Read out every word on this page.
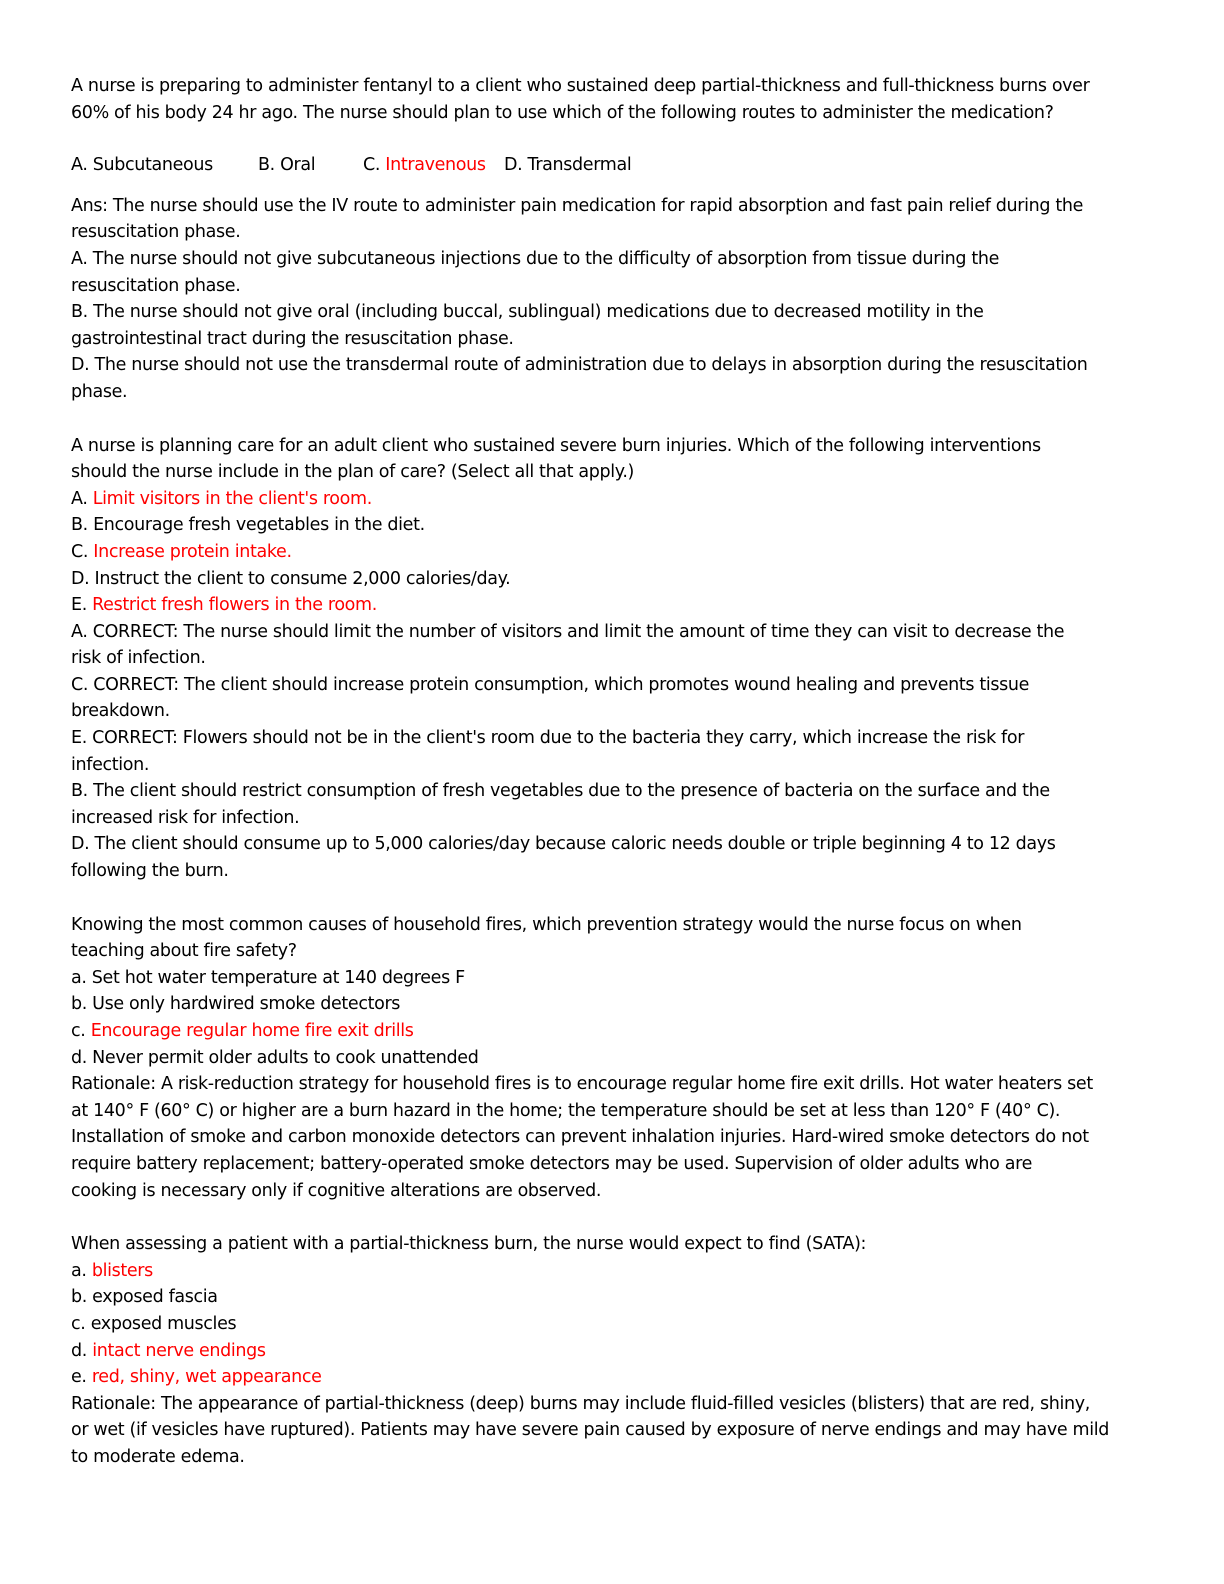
A nurse is preparing to administer fentanyl to a client who sustained deep partial-thickness and full-thickness burns over
60% of his body 24 hr ago. The nurse should plan to use which of the following routes to administer the medication?
A. Subcutaneous	B. Oral	C. Intravenous D. Transdermal
Ans: The nurse should use the IV route to administer pain medication for rapid absorption and fast pain relief during the
resuscitation phase.
A. The nurse should not give subcutaneous injections due to the difficulty of absorption from tissue during the
resuscitation phase.
B. The nurse should not give oral (including buccal, sublingual) medications due to decreased motility in the
gastrointestinal tract during the resuscitation phase.
D. The nurse should not use the transdermal route of administration due to delays in absorption during the resuscitation
phase.
A nurse is planning care for an adult client who sustained severe burn injuries. Which of the following interventions
should the nurse include in the plan of care? (Select all that apply.)
A. Limit visitors in the client's room.
B. Encourage fresh vegetables in the diet.
C. Increase protein intake.
D. Instruct the client to consume 2,000 calories/day.
E. Restrict fresh flowers in the room.
A. CORRECT: The nurse should limit the number of visitors and limit the amount of time they can visit to decrease the
risk of infection.
C. CORRECT: The client should increase protein consumption, which promotes wound healing and prevents tissue
breakdown.
E. CORRECT: Flowers should not be in the client's room due to the bacteria they carry, which increase the risk for
infection.
B. The client should restrict consumption of fresh vegetables due to the presence of bacteria on the surface and the
increased risk for infection.
D. The client should consume up to 5,000 calories/day because caloric needs double or triple beginning 4 to 12 days
following the burn.
Knowing the most common causes of household fires, which prevention strategy would the nurse focus on when
teaching about fire safety?
a. Set hot water temperature at 140 degrees F
b. Use only hardwired smoke detectors
c. Encourage regular home fire exit drills
d. Never permit older adults to cook unattended
Rationale: A risk-reduction strategy for household fires is to encourage regular home fire exit drills. Hot water heaters set
at 140° F (60° C) or higher are a burn hazard in the home; the temperature should be set at less than 120° F (40° C).
Installation of smoke and carbon monoxide detectors can prevent inhalation injuries. Hard-wired smoke detectors do not
require battery replacement; battery-operated smoke detectors may be used. Supervision of older adults who are
cooking is necessary only if cognitive alterations are observed.
When assessing a patient with a partial-thickness burn, the nurse would expect to find (SATA):
a. blisters
b. exposed fascia
c. exposed muscles
d. intact nerve endings
e. red, shiny, wet appearance
Rationale: The appearance of partial-thickness (deep) burns may include fluid-filled vesicles (blisters) that are red, shiny,
or wet (if vesicles have ruptured). Patients may have severe pain caused by exposure of nerve endings and may have mild
to moderate edema.
